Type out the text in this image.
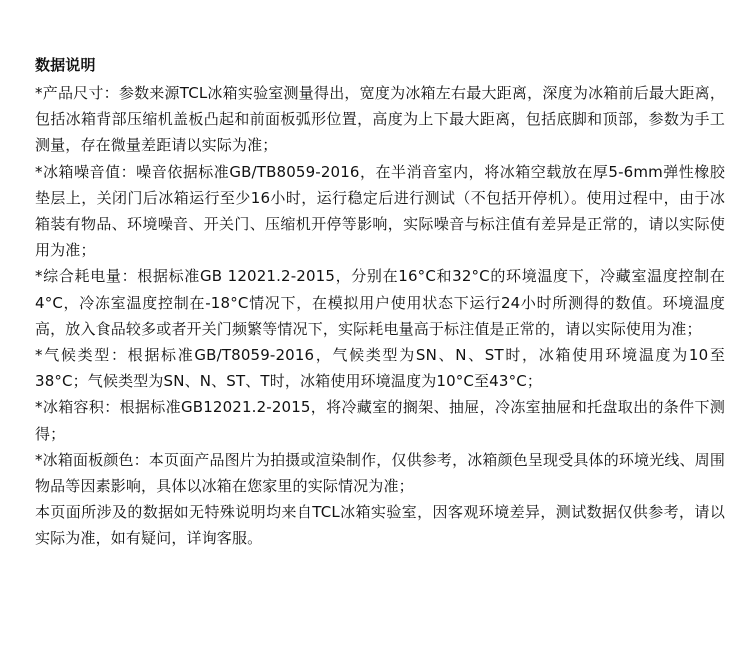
数据说明

*产品尺寸：参数来源TCL冰箱实验室测量得出，宽度为冰箱左右最大距离，深度为冰箱前后最大距离，包括冰箱背部压缩机盖板凸起和前面板弧形位置，高度为上下最大距离，包括底脚和顶部，参数为手工测量，存在微量差距请以实际为准；

*冰箱噪音值：噪音依据标准GB/TB8059-2016，在半消音室内，将冰箱空载放在厚5-6mm弹性橡胶垫层上，关闭门后冰箱运行至少16小时，运行稳定后进行测试（不包括开停机）。使用过程中，由于冰箱装有物品、环境噪音、开关门、压缩机开停等影响，实际噪音与标注值有差异是正常的，请以实际使用为准；

*综合耗电量：根据标准GB 12021.2-2015，分别在16°C和32°C的环境温度下，冷藏室温度控制在4°C，冷冻室温度控制在-18°C情况下，在模拟用户使用状态下运行24小时所测得的数值。环境温度高，放入食品较多或者开关门频繁等情况下，实际耗电量高于标注值是正常的，请以实际使用为准；

*气候类型：根据标准GB/T8059-2016，气候类型为SN、N、ST时，冰箱使用环境温度为10至38°C；气候类型为SN、N、ST、T时，冰箱使用环境温度为10°C至43°C；

*冰箱容积：根据标准GB12021.2-2015，将冷藏室的搁架、抽屉，冷冻室抽屉和托盘取出的条件下测得；

*冰箱面板颜色：本页面产品图片为拍摄或渲染制作，仅供参考，冰箱颜色呈现受具体的环境光线、周围物品等因素影响，具体以冰箱在您家里的实际情况为准；

本页面所涉及的数据如无特殊说明均来自TCL冰箱实验室，因客观环境差异，测试数据仅供参考，请以实际为准，如有疑问，详询客服。
